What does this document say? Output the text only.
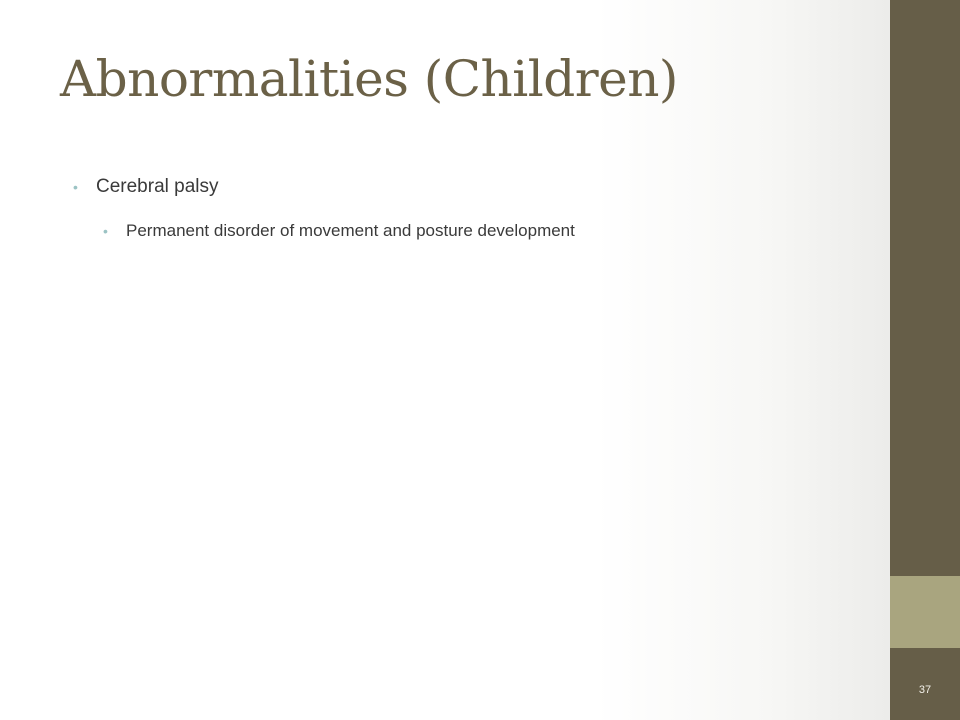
Abnormalities (Children)
• Cerebral palsy
• Permanent disorder of movement and posture development
37
